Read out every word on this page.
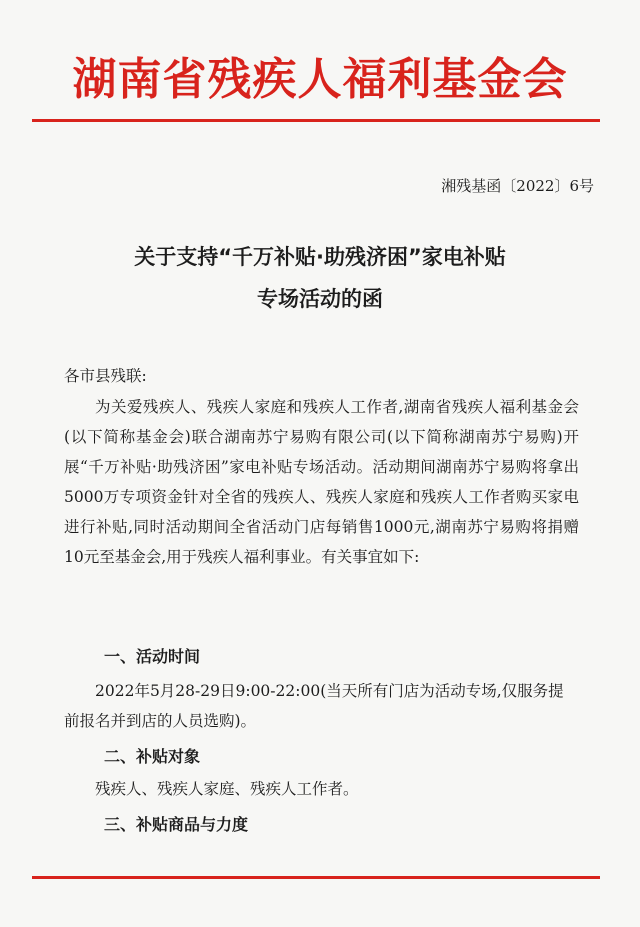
湖南省残疾人福利基金会
湘残基函〔2022〕6号
关于支持“千万补贴·助残济困”家电补贴
专场活动的函
各市县残联:
为关爱残疾人、残疾人家庭和残疾人工作者,湖南省残疾人福利基金会(以下简称基金会)联合湖南苏宁易购有限公司(以下简称湖南苏宁易购)开展“千万补贴·助残济困”家电补贴专场活动。活动期间湖南苏宁易购将拿出5000万专项资金针对全省的残疾人、残疾人家庭和残疾人工作者购买家电进行补贴,同时活动期间全省活动门店每销售1000元,湖南苏宁易购将捐赠10元至基金会,用于残疾人福利事业。有关事宜如下:
一、活动时间
2022年5月28-29日9:00-22:00(当天所有门店为活动专场,仅服务提前报名并到店的人员选购)。
二、补贴对象
残疾人、残疾人家庭、残疾人工作者。
三、补贴商品与力度
